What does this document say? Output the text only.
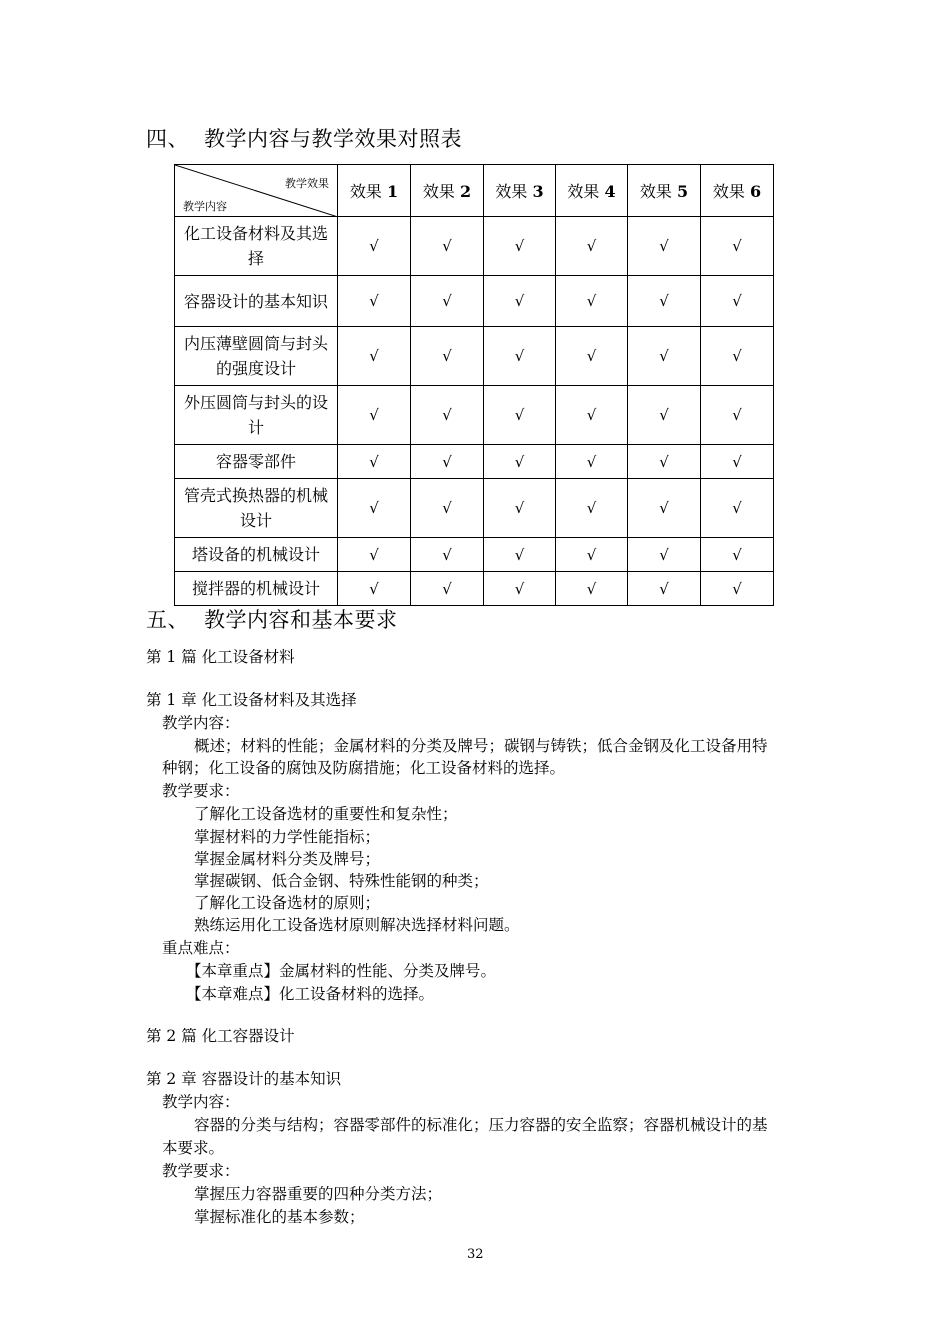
四、 教学内容与教学效果对照表
教学效果
教学内容	效果 1	效果 2	效果 3	效果 4	效果 5	效果 6
化工设备材料及其选择	√	√	√	√	√	√
容器设计的基本知识	√	√	√	√	√	√
内压薄壁圆筒与封头的强度设计	√	√	√	√	√	√
外压圆筒与封头的设计	√	√	√	√	√	√
容器零部件	√	√	√	√	√	√
管壳式换热器的机械设计	√	√	√	√	√	√
塔设备的机械设计	√	√	√	√	√	√
搅拌器的机械设计	√	√	√	√	√	√
五、 教学内容和基本要求
第 1 篇 化工设备材料
第 1 章 化工设备材料及其选择
教学内容：
概述；材料的性能；金属材料的分类及牌号；碳钢与铸铁；低合金钢及化工设备用特
种钢；化工设备的腐蚀及防腐措施；化工设备材料的选择。
教学要求：
了解化工设备选材的重要性和复杂性；
掌握材料的力学性能指标；
掌握金属材料分类及牌号；
掌握碳钢、低合金钢、特殊性能钢的种类；
了解化工设备选材的原则；
熟练运用化工设备选材原则解决选择材料问题。
重点难点：
【本章重点】金属材料的性能、分类及牌号。
【本章难点】化工设备材料的选择。
第 2 篇 化工容器设计
第 2 章 容器设计的基本知识
教学内容：
容器的分类与结构；容器零部件的标准化；压力容器的安全监察；容器机械设计的基
本要求。
教学要求：
掌握压力容器重要的四种分类方法；
掌握标准化的基本参数；
32
